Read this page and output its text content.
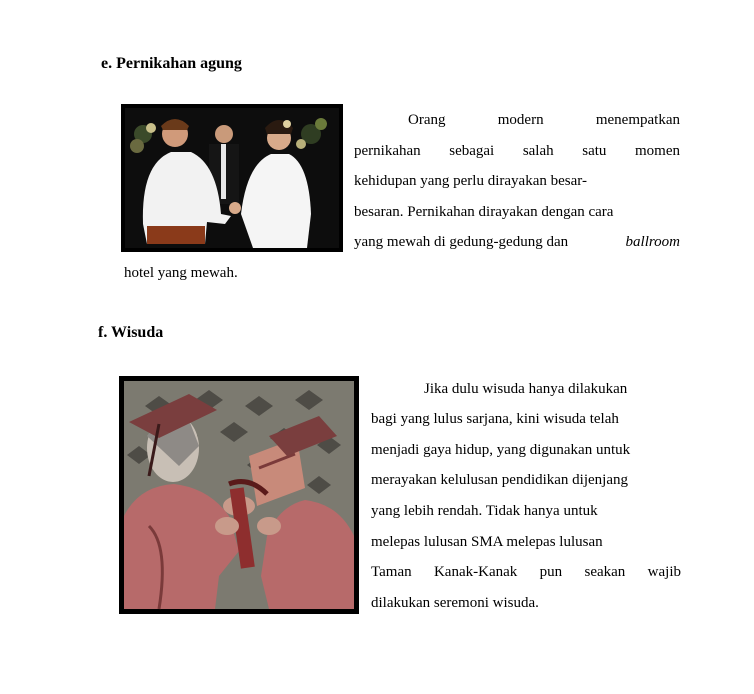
e. Pernikahan agung
Orang	modern	menempatkan
pernikahan sebagai salah satu momen
kehidupan yang perlu dirayakan besar-
besaran. Pernikahan dirayakan dengan cara
yang mewah di gedung-gedung dan	ballroom
hotel yang mewah.
f. Wisuda
Jika dulu wisuda hanya dilakukan
bagi yang lulus sarjana, kini wisuda telah
menjadi gaya hidup, yang digunakan untuk
merayakan kelulusan pendidikan dijenjang
yang lebih rendah. Tidak hanya untuk
melepas lulusan SMA melepas lulusan
Taman Kanak-Kanak pun seakan wajib
dilakukan seremoni wisuda.
